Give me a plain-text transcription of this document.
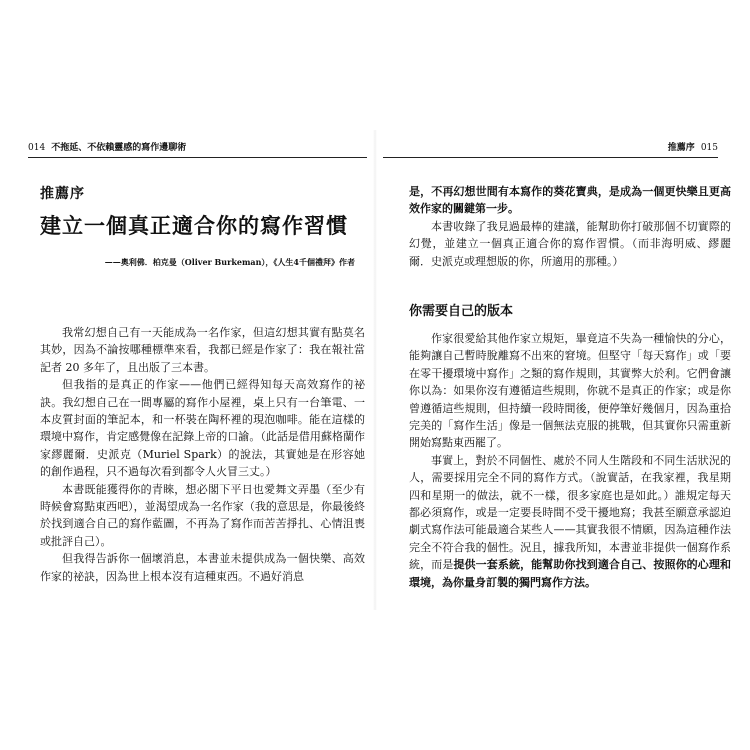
014 不拖延、不依賴靈感的寫作邊聊術
推薦序
建立一個真正適合你的寫作習慣
——奧利佛．柏克曼（Oliver Burkeman），《人生4千個禮拜》作者

我常幻想自己有一天能成為一名作家，但這幻想其實有點莫名其妙，因為不論按哪種標準來看，我都已經是作家了：我在報社當記者 20 多年了，且出版了三本書。

但我指的是真正的作家——他們已經得知每天高效寫作的祕訣。我幻想自己在一間專屬的寫作小屋裡，桌上只有一台筆電、一本皮質封面的筆記本，和一杯裝在陶杯裡的現泡咖啡。能在這樣的環境中寫作，肯定感覺像在記錄上帝的口諭。（此話是借用蘇格蘭作家繆麗爾．史派克（Muriel Spark）的說法，其實她是在形容她的創作過程，只不過每次看到都令人火冒三丈。）

本書既能獲得你的青睞，想必閣下平日也愛舞文弄墨（至少有時候會寫點東西吧），並渴望成為一名作家（我的意思是，你最後終於找到適合自己的寫作藍圖，不再為了寫作而苦苦掙扎、心情沮喪或批評自己）。

但我得告訴你一個壞消息，本書並未提供成為一個快樂、高效作家的祕訣，因為世上根本沒有這種東西。不過好消息

推薦序 015

是，不再幻想世間有本寫作的葵花寶典，是成為一個更快樂且更高效作家的關鍵第一步。

本書收錄了我見過最棒的建議，能幫助你打破那個不切實際的幻覺，並建立一個真正適合你的寫作習慣。（而非海明威、繆麗爾．史派克或理想版的你，所適用的那種。）

你需要自己的版本

作家很愛給其他作家立規矩，畢竟這不失為一種愉快的分心，能夠讓自己暫時脫離寫不出來的窘境。但堅守「每天寫作」或「要在零干擾環境中寫作」之類的寫作規則，其實弊大於利。它們會讓你以為：如果你沒有遵循這些規則，你就不是真正的作家；或是你曾遵循這些規則，但持續一段時間後，便停筆好幾個月，因為重拾完美的「寫作生活」像是一個無法克服的挑戰，但其實你只需重新開始寫點東西罷了。

事實上，對於不同個性、處於不同人生階段和不同生活狀況的人，需要採用完全不同的寫作方式。（說實話，在我家裡，我星期四和星期一的做法，就不一樣，很多家庭也是如此。）誰規定每天都必須寫作，或是一定要長時間不受干擾地寫；我甚至願意承認迫劇式寫作法可能最適合某些人——其實我很不情願，因為這種作法完全不符合我的個性。況且，據我所知，本書並非提供一個寫作系統，而是提供一套系統，能幫助你找到適合自己、按照你的心理和環境，為你量身訂製的獨門寫作方法。
